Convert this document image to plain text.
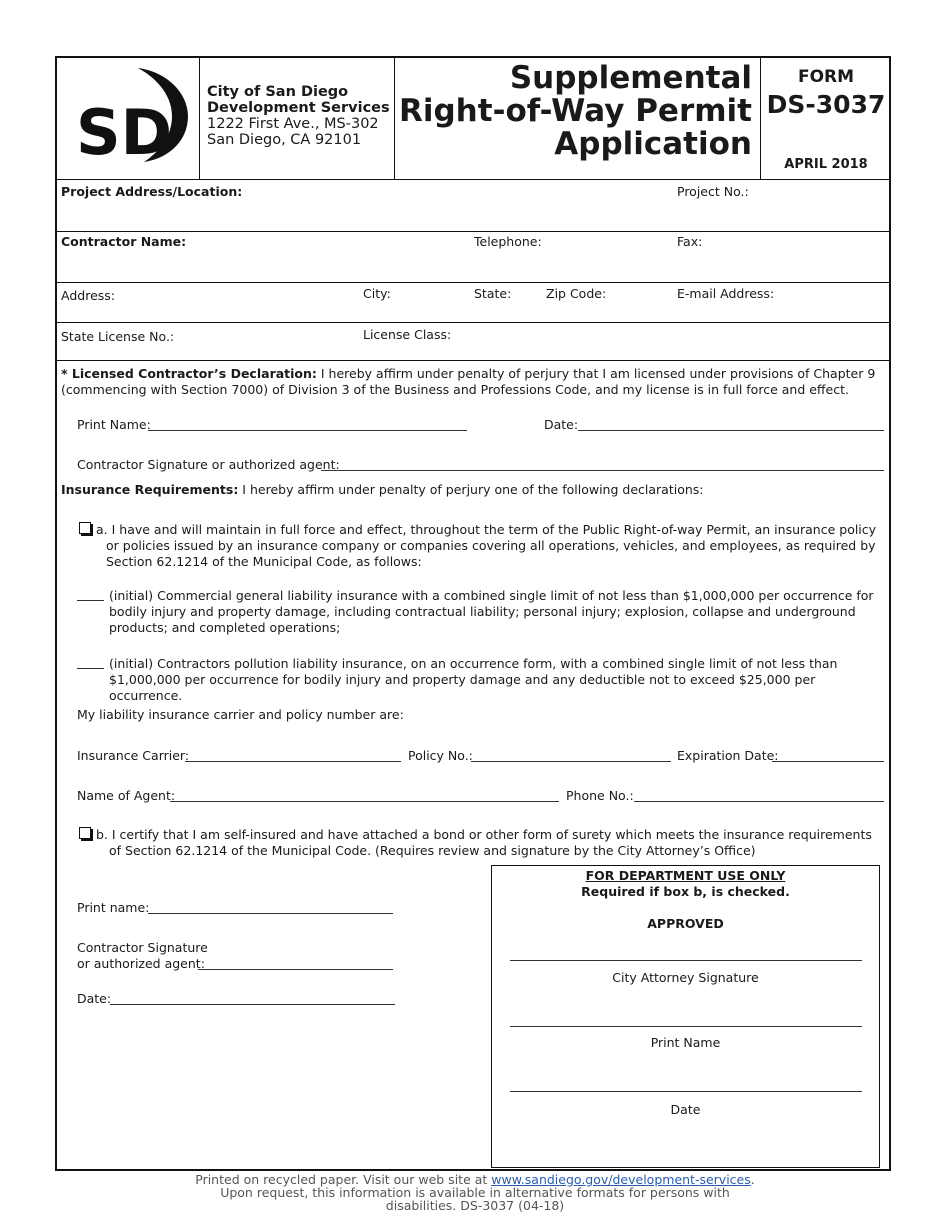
SD
City of San Diego
Development Services
1222 First Ave., MS-302
San Diego, CA 92101
Supplemental
Right-of-Way Permit
Application
FORM
DS-3037
APRIL 2018
Project Address/Location:	Project No.:
Contractor Name:	Telephone:	Fax:
Address:	City:	State:	Zip Code:	E-mail Address:
State License No.:	License Class:
* Licensed Contractor’s Declaration: I hereby affirm under penalty of perjury that I am licensed under provisions of Chapter 9 (commencing with Section 7000) of Division 3 of the Business and Professions Code, and my license is in full force and effect.
Print Name:	Date:
Contractor Signature or authorized agent:
Insurance Requirements: I hereby affirm under penalty of perjury one of the following declarations:
a. I have and will maintain in full force and effect, throughout the term of the Public Right-of-way Permit, an insurance policy or policies issued by an insurance company or companies covering all operations, vehicles, and employees, as required by Section 62.1214 of the Municipal Code, as follows:
(initial) Commercial general liability insurance with a combined single limit of not less than $1,000,000 per occurrence for bodily injury and property damage, including contractual liability; personal injury; explosion, collapse and underground products; and completed operations;
(initial) Contractors pollution liability insurance, on an occurrence form, with a combined single limit of not less than $1,000,000 per occurrence for bodily injury and property damage and any deductible not to exceed $25,000 per occurrence.
My liability insurance carrier and policy number are:
Insurance Carrier:	Policy No.:	Expiration Date:
Name of Agent:	Phone No.:
b. I certify that I am self-insured and have attached a bond or other form of surety which meets the insurance requirements of Section 62.1214 of the Municipal Code. (Requires review and signature by the City Attorney’s Office)
Print name:
Contractor Signature
or authorized agent:
Date:
FOR DEPARTMENT USE ONLY
Required if box b, is checked.
APPROVED
City Attorney Signature
Print Name
Date
Printed on recycled paper. Visit our web site at www.sandiego.gov/development-services.
Upon request, this information is available in alternative formats for persons with
disabilities. DS-3037 (04-18)
